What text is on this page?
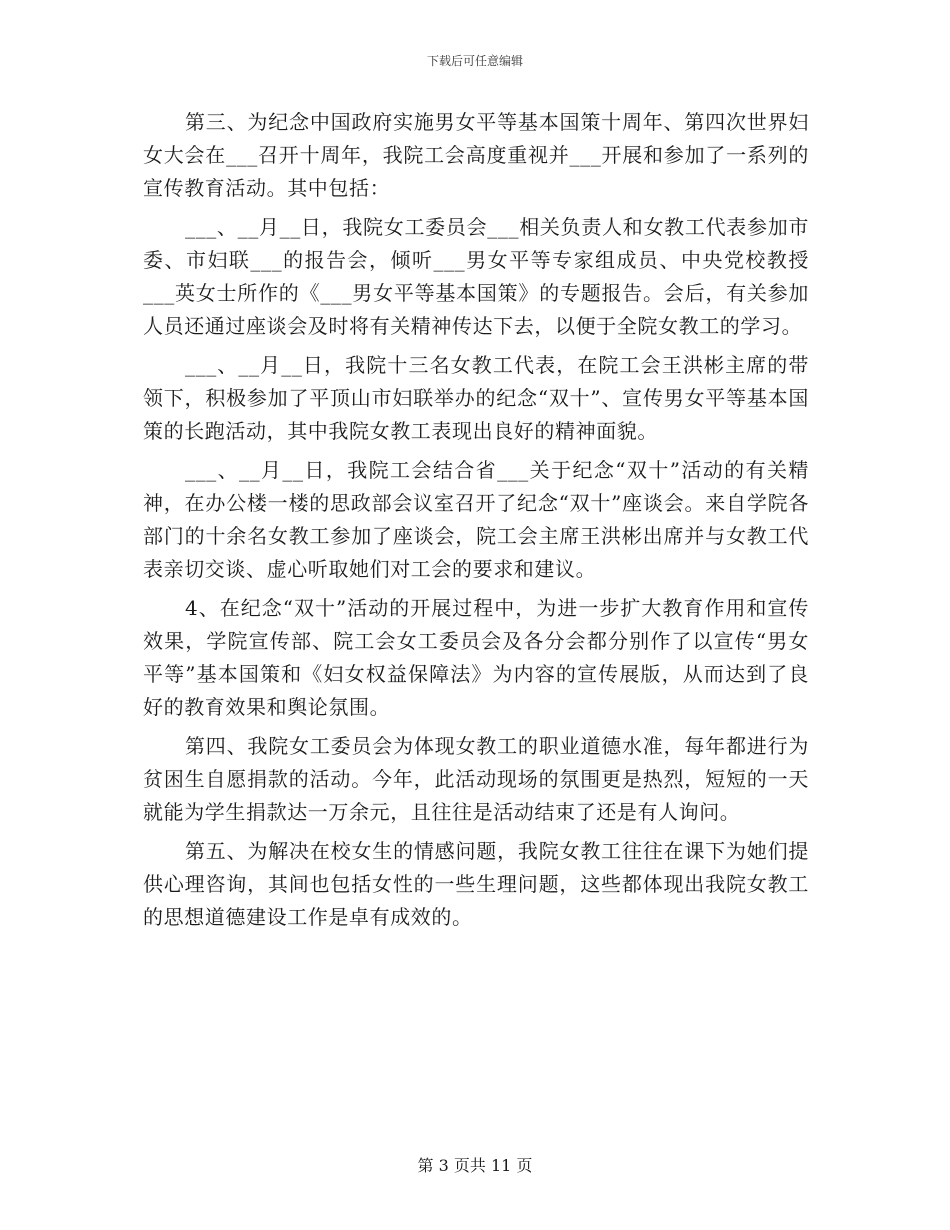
下载后可任意编辑

第三、为纪念中国政府实施男女平等基本国策十周年、第四次世界妇女大会在___召开十周年，我院工会高度重视并___开展和参加了一系列的宣传教育活动。其中包括：

___、__月__日，我院女工委员会___相关负责人和女教工代表参加市委、市妇联___的报告会，倾听___男女平等专家组成员、中央党校教授___英女士所作的《___男女平等基本国策》的专题报告。会后，有关参加人员还通过座谈会及时将有关精神传达下去，以便于全院女教工的学习。

___、__月__日，我院十三名女教工代表，在院工会王洪彬主席的带领下，积极参加了平顶山市妇联举办的纪念“双十”、宣传男女平等基本国策的长跑活动，其中我院女教工表现出良好的精神面貌。

___、__月__日，我院工会结合省___关于纪念“双十”活动的有关精神，在办公楼一楼的思政部会议室召开了纪念“双十”座谈会。来自学院各部门的十余名女教工参加了座谈会，院工会主席王洪彬出席并与女教工代表亲切交谈、虚心听取她们对工会的要求和建议。

4、在纪念“双十”活动的开展过程中，为进一步扩大教育作用和宣传效果，学院宣传部、院工会女工委员会及各分会都分别作了以宣传“男女平等”基本国策和《妇女权益保障法》为内容的宣传展版，从而达到了良好的教育效果和舆论氛围。

第四、我院女工委员会为体现女教工的职业道德水准，每年都进行为贫困生自愿捐款的活动。今年，此活动现场的氛围更是热烈，短短的一天就能为学生捐款达一万余元，且往往是活动结束了还是有人询问。

第五、为解决在校女生的情感问题，我院女教工往往在课下为她们提供心理咨询，其间也包括女性的一些生理问题，这些都体现出我院女教工的思想道德建设工作是卓有成效的。

第 3 页共 11 页
